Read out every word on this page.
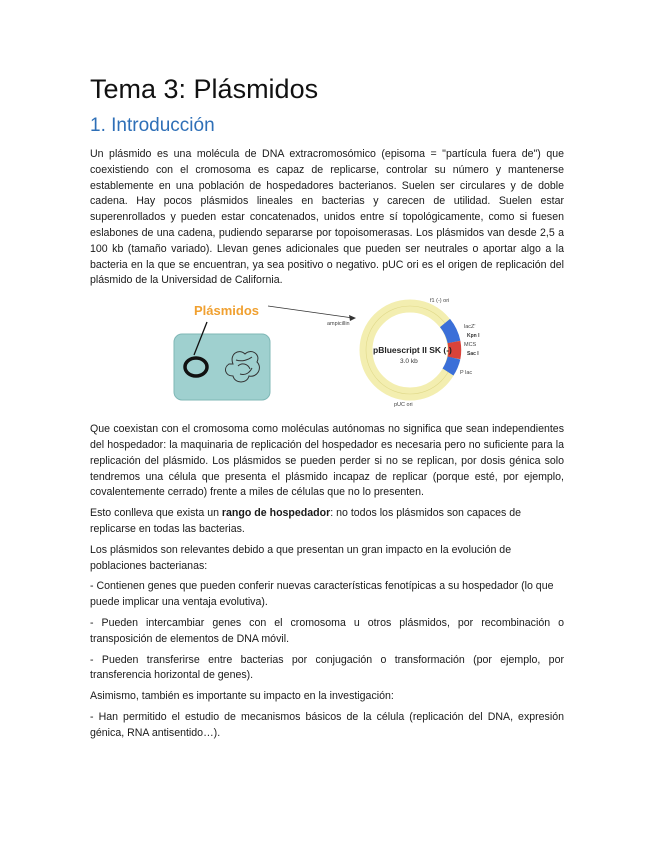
Tema 3: Plásmidos
1. Introducción

Un plásmido es una molécula de DNA extracromosómico (episoma = "partícula fuera de") que coexistiendo con el cromosoma es capaz de replicarse, controlar su número y mantenerse establemente en una población de hospedadores bacterianos. Suelen ser circulares y de doble cadena. Hay pocos plásmidos lineales en bacterias y carecen de utilidad. Suelen estar superenrollados y pueden estar concatenados, unidos entre sí topológicamente, como si fuesen eslabones de una cadena, pudiendo separarse por topoisomerasas. Los plásmidos van desde 2,5 a 100 kb (tamaño variado). Llevan genes adicionales que pueden ser neutrales o aportar algo a la bacteria en la que se encuentran, ya sea positivo o negativo. pUC ori es el origen de replicación del plásmido de la Universidad de California.

Plásmidos
pBluescript II SK (-)
3.0 kb
f1 (-) ori
ampicillin	lacZ'
Kpn I
MCS
Sac I
P lac
pUC ori

Que coexistan con el cromosoma como moléculas autónomas no significa que sean independientes del hospedador: la maquinaria de replicación del hospedador es necesaria pero no suficiente para la replicación del plásmido. Los plásmidos se pueden perder si no se replican, por dosis génica solo tendremos una célula que presenta el plásmido incapaz de replicar (porque esté, por ejemplo, covalentemente cerrado) frente a miles de células que no lo presenten.

Esto conlleva que exista un rango de hospedador: no todos los plásmidos son capaces de replicarse en todas las bacterias.

Los plásmidos son relevantes debido a que presentan un gran impacto en la evolución de poblaciones bacterianas:

- Contienen genes que pueden conferir nuevas características fenotípicas a su hospedador (lo que puede implicar una ventaja evolutiva).

- Pueden intercambiar genes con el cromosoma u otros plásmidos, por recombinación o transposición de elementos de DNA móvil.

- Pueden transferirse entre bacterias por conjugación o transformación (por ejemplo, por transferencia horizontal de genes).

Asimismo, también es importante su impacto en la investigación:

- Han permitido el estudio de mecanismos básicos de la célula (replicación del DNA, expresión génica, RNA antisentido…).
